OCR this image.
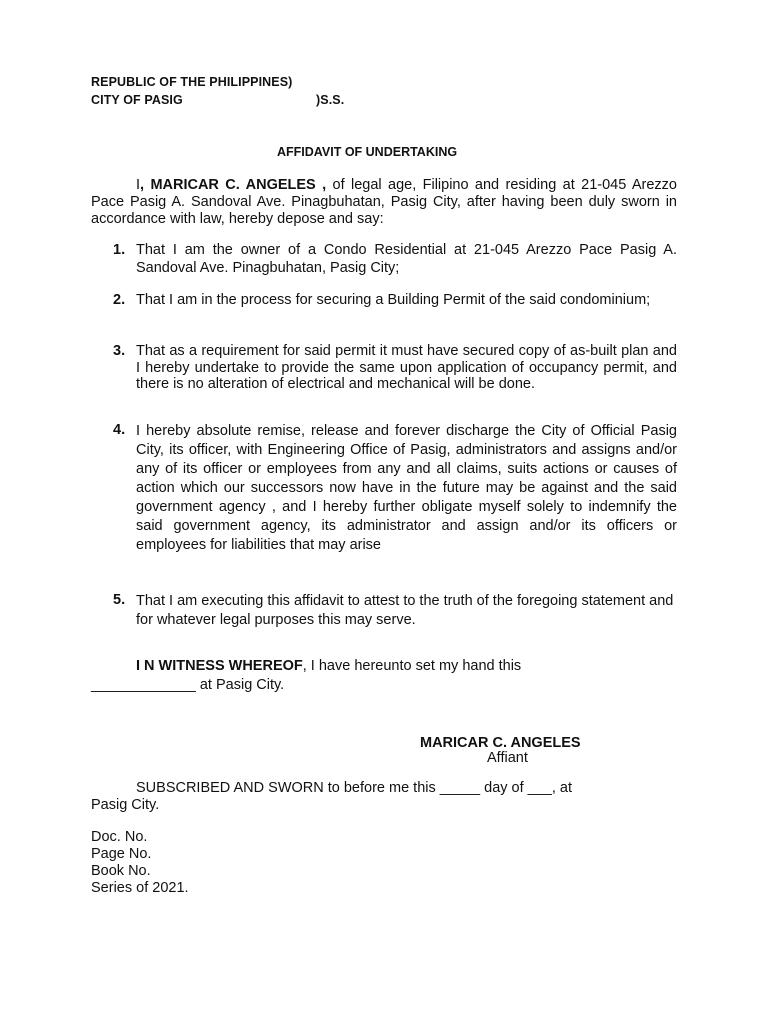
REPUBLIC OF THE PHILIPPINES)
CITY OF PASIG	)S.S.
AFFIDAVIT OF UNDERTAKING
I, MARICAR C. ANGELES , of legal age, Filipino and residing at 21-045 Arezzo Pace Pasig A. Sandoval Ave. Pinagbuhatan, Pasig City, after having been duly sworn in accordance with law, hereby depose and say:
1. That I am the owner of a Condo Residential at 21-045 Arezzo Pace Pasig A. Sandoval Ave. Pinagbuhatan, Pasig City;
2. That I am in the process for securing a Building Permit of the said condominium;
3. That as a requirement for said permit it must have secured copy of as-built plan and I hereby undertake to provide the same upon application of occupancy permit, and there is no alteration of electrical and mechanical will be done.
4. I hereby absolute remise, release and forever discharge the City of Official Pasig City, its officer, with Engineering Office of Pasig, administrators and assigns and/or any of its officer or employees from any and all claims, suits actions or causes of action which our successors now have in the future may be against and the said government agency , and I hereby further obligate myself solely to indemnify the said government agency, its administrator and assign and/or its officers or employees for liabilities that may arise
5. That I am executing this affidavit to attest to the truth of the foregoing statement and for whatever legal purposes this may serve.
I N WITNESS WHEREOF, I have hereunto set my hand this
_____________ at Pasig City.
MARICAR C. ANGELES
Affiant
SUBSCRIBED AND SWORN to before me this _____ day of ___, at
Pasig City.
Doc. No.
Page No.
Book No.
Series of 2021.
